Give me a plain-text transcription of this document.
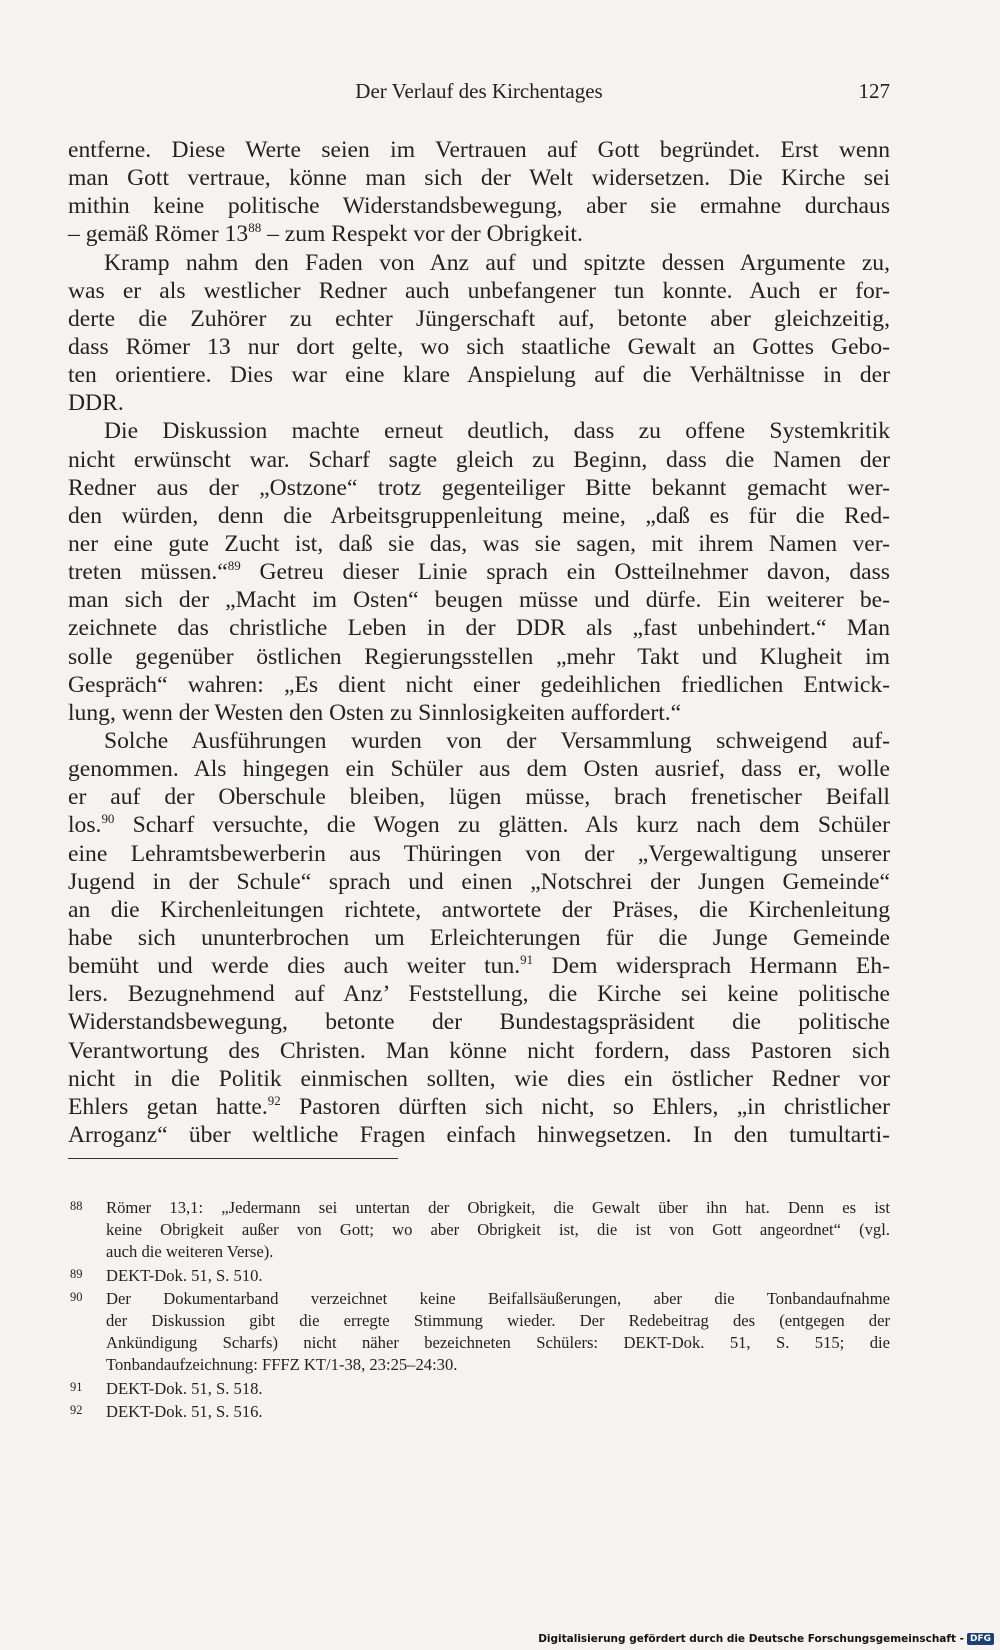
Der Verlauf des Kirchentages	127
entferne. Diese Werte seien im Vertrauen auf Gott begründet. Erst wenn
man Gott vertraue, könne man sich der Welt widersetzen. Die Kirche sei
mithin keine politische Widerstandsbewegung, aber sie ermahne durchaus
– gemäß Römer $13^{88}$ – zum Respekt vor der Obrigkeit.
Kramp nahm den Faden von Anz auf und spitzte dessen Argumente zu,
was er als westlicher Redner auch unbefangener tun konnte. Auch er for-
derte die Zuhörer zu echter Jüngerschaft auf, betonte aber gleichzeitig,
dass Römer 13 nur dort gelte, wo sich staatliche Gewalt an Gottes Gebo-
ten orientiere. Dies war eine klare Anspielung auf die Verhältnisse in der
DDR.
Die Diskussion machte erneut deutlich, dass zu offene Systemkritik
nicht erwünscht war. Scharf sagte gleich zu Beginn, dass die Namen der
Redner aus der „Ostzone“ trotz gegenteiliger Bitte bekannt gemacht wer-
den würden, denn die Arbeitsgruppenleitung meine, „daß es für die Red-
ner eine gute Zucht ist, daß sie das, was sie sagen, mit ihrem Namen ver-
treten müssen.“$^{89}$ Getreu dieser Linie sprach ein Ostteilnehmer davon, dass
man sich der „Macht im Osten“ beugen müsse und dürfe. Ein weiterer be-
zeichnete das christliche Leben in der DDR als „fast unbehindert.“ Man
solle gegenüber östlichen Regierungsstellen „mehr Takt und Klugheit im
Gespräch“ wahren: „Es dient nicht einer gedeihlichen friedlichen Entwick-
lung, wenn der Westen den Osten zu Sinnlosigkeiten auffordert.“
Solche Ausführungen wurden von der Versammlung schweigend auf-
genommen. Als hingegen ein Schüler aus dem Osten ausrief, dass er, wolle
er auf der Oberschule bleiben, lügen müsse, brach frenetischer Beifall
los.$^{90}$ Scharf versuchte, die Wogen zu glätten. Als kurz nach dem Schüler
eine Lehramtsbewerberin aus Thüringen von der „Vergewaltigung unserer
Jugend in der Schule“ sprach und einen „Notschrei der Jungen Gemeinde“
an die Kirchenleitungen richtete, antwortete der Präses, die Kirchenleitung
habe sich ununterbrochen um Erleichterungen für die Junge Gemeinde
bemüht und werde dies auch weiter tun.$^{91}$ Dem widersprach Hermann Eh-
lers. Bezugnehmend auf Anz’ Feststellung, die Kirche sei keine politische
Widerstandsbewegung, betonte der Bundestagspräsident die politische
Verantwortung des Christen. Man könne nicht fordern, dass Pastoren sich
nicht in die Politik einmischen sollten, wie dies ein östlicher Redner vor
Ehlers getan hatte.$^{92}$ Pastoren dürften sich nicht, so Ehlers, „in christlicher
Arroganz“ über weltliche Fragen einfach hinwegsetzen. In den tumultarti-
88 Römer 13,1: „Jedermann sei untertan der Obrigkeit, die Gewalt über ihn hat. Denn es ist
keine Obrigkeit außer von Gott; wo aber Obrigkeit ist, die ist von Gott angeordnet“ (vgl.
auch die weiteren Verse).
89 DEKT-Dok. 51, S. 510.
90 Der Dokumentarband verzeichnet keine Beifallsäußerungen, aber die Tonbandaufnahme
der Diskussion gibt die erregte Stimmung wieder. Der Redebeitrag des (entgegen der
Ankündigung Scharfs) nicht näher bezeichneten Schülers: DEKT-Dok. 51, S. 515; die
Tonbandaufzeichnung: FFFZ KT/1-38, 23:25–24:30.
91 DEKT-Dok. 51, S. 518.
92 DEKT-Dok. 51, S. 516.
Digitalisierung gefördert durch die Deutsche Forschungsgemeinschaft - DFG
